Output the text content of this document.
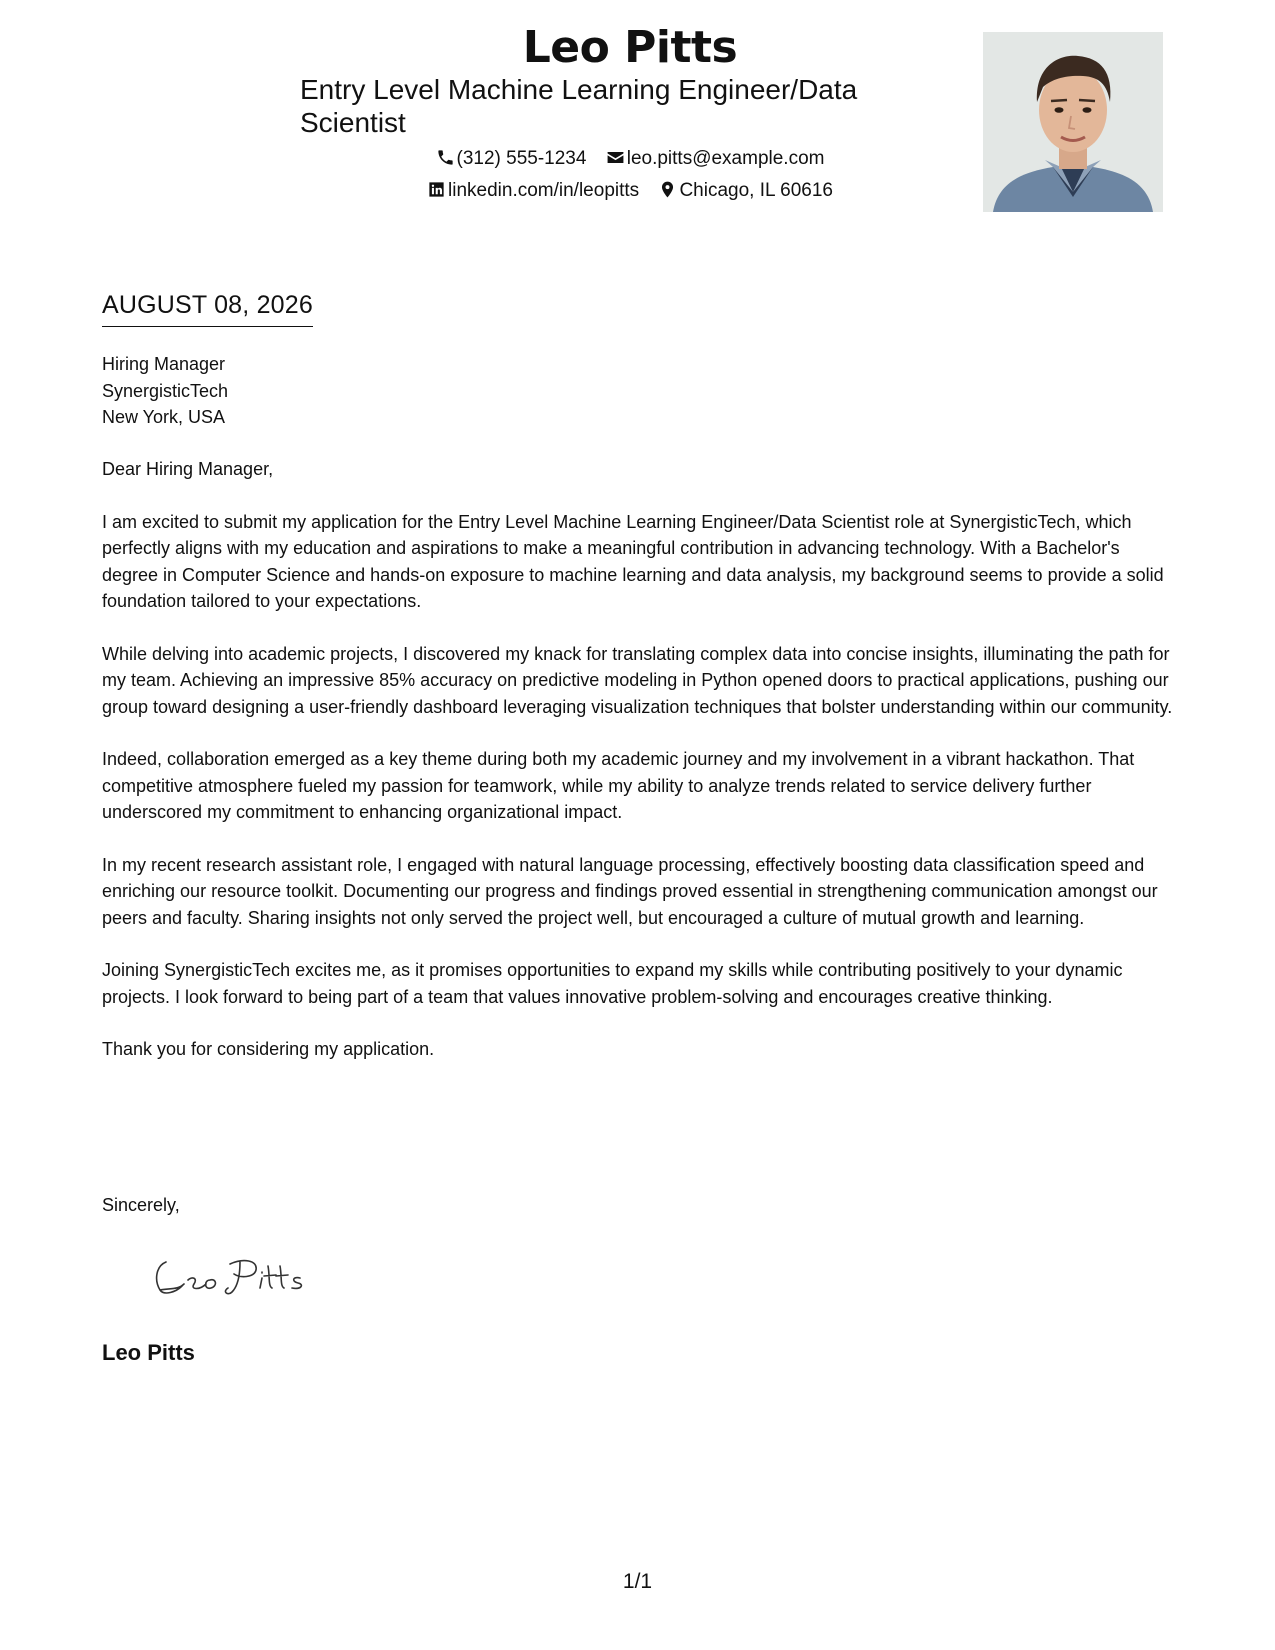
Leo Pitts
Entry Level Machine Learning Engineer/Data Scientist
(312) 555-1234 leo.pitts@example.com
linkedin.com/in/leopitts Chicago, IL 60616
AUGUST 08, 2026
Hiring Manager
SynergisticTech
New York, USA

Dear Hiring Manager,

I am excited to submit my application for the Entry Level Machine Learning Engineer/Data Scientist role at SynergisticTech, which perfectly aligns with my education and aspirations to make a meaningful contribution in advancing technology. With a Bachelor's degree in Computer Science and hands-on exposure to machine learning and data analysis, my background seems to provide a solid foundation tailored to your expectations.

While delving into academic projects, I discovered my knack for translating complex data into concise insights, illuminating the path for my team. Achieving an impressive 85% accuracy on predictive modeling in Python opened doors to practical applications, pushing our group toward designing a user-friendly dashboard leveraging visualization techniques that bolster understanding within our community.

Indeed, collaboration emerged as a key theme during both my academic journey and my involvement in a vibrant hackathon. That competitive atmosphere fueled my passion for teamwork, while my ability to analyze trends related to service delivery further underscored my commitment to enhancing organizational impact.

In my recent research assistant role, I engaged with natural language processing, effectively boosting data classification speed and enriching our resource toolkit. Documenting our progress and findings proved essential in strengthening communication amongst our peers and faculty. Sharing insights not only served the project well, but encouraged a culture of mutual growth and learning.

Joining SynergisticTech excites me, as it promises opportunities to expand my skills while contributing positively to your dynamic projects. I look forward to being part of a team that values innovative problem-solving and encourages creative thinking.

Thank you for considering my application.

Sincerely,
Leo Pitts
1/1
